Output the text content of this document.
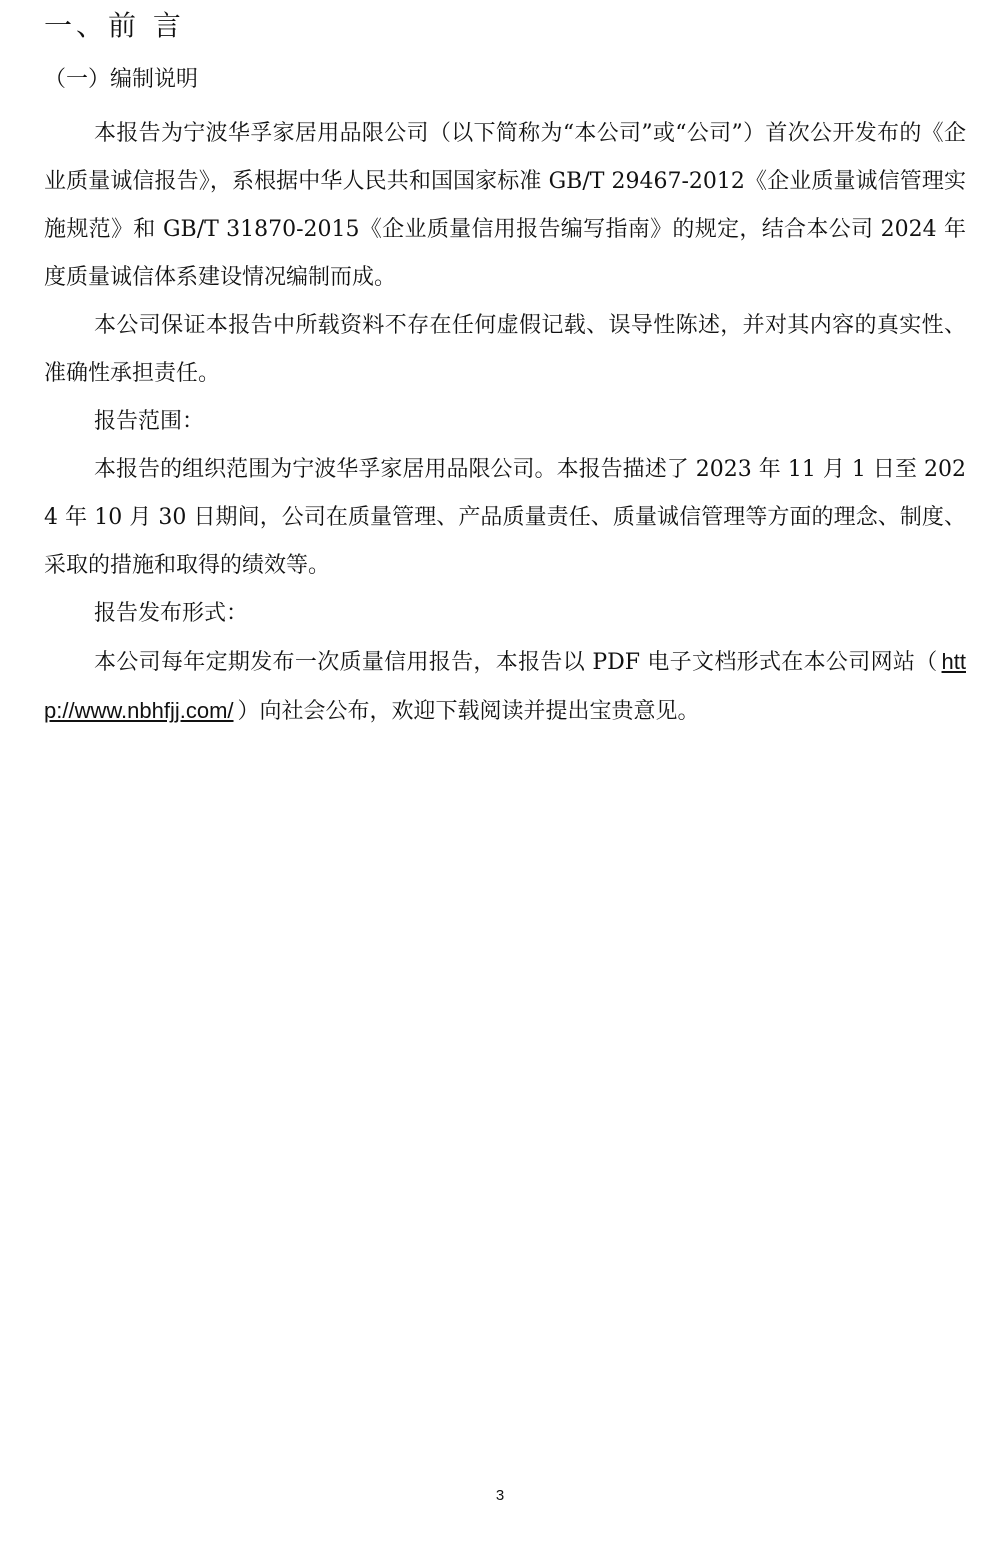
一、前 言
（一）编制说明

本报告为宁波华孚家居用品限公司（以下简称为“本公司”或“公司”）首次公开发布的《企业质量诚信报告》，系根据中华人民共和国国家标准 GB/T 29467-2012《企业质量诚信管理实施规范》和 GB/T 31870-2015《企业质量信用报告编写指南》的规定，结合本公司 2024 年度质量诚信体系建设情况编制而成。

本公司保证本报告中所载资料不存在任何虚假记载、误导性陈述，并对其内容的真实性、准确性承担责任。

报告范围：

本报告的组织范围为宁波华孚家居用品限公司。本报告描述了 2023 年 11 月 1 日至 2024 年 10 月 30 日期间，公司在质量管理、产品质量责任、质量诚信管理等方面的理念、制度、采取的措施和取得的绩效等。

报告发布形式：

本公司每年定期发布一次质量信用报告，本报告以 PDF 电子文档形式在本公司网站（ http://www.nbhfjj.com/ ）向社会公布，欢迎下载阅读并提出宝贵意见。

3
